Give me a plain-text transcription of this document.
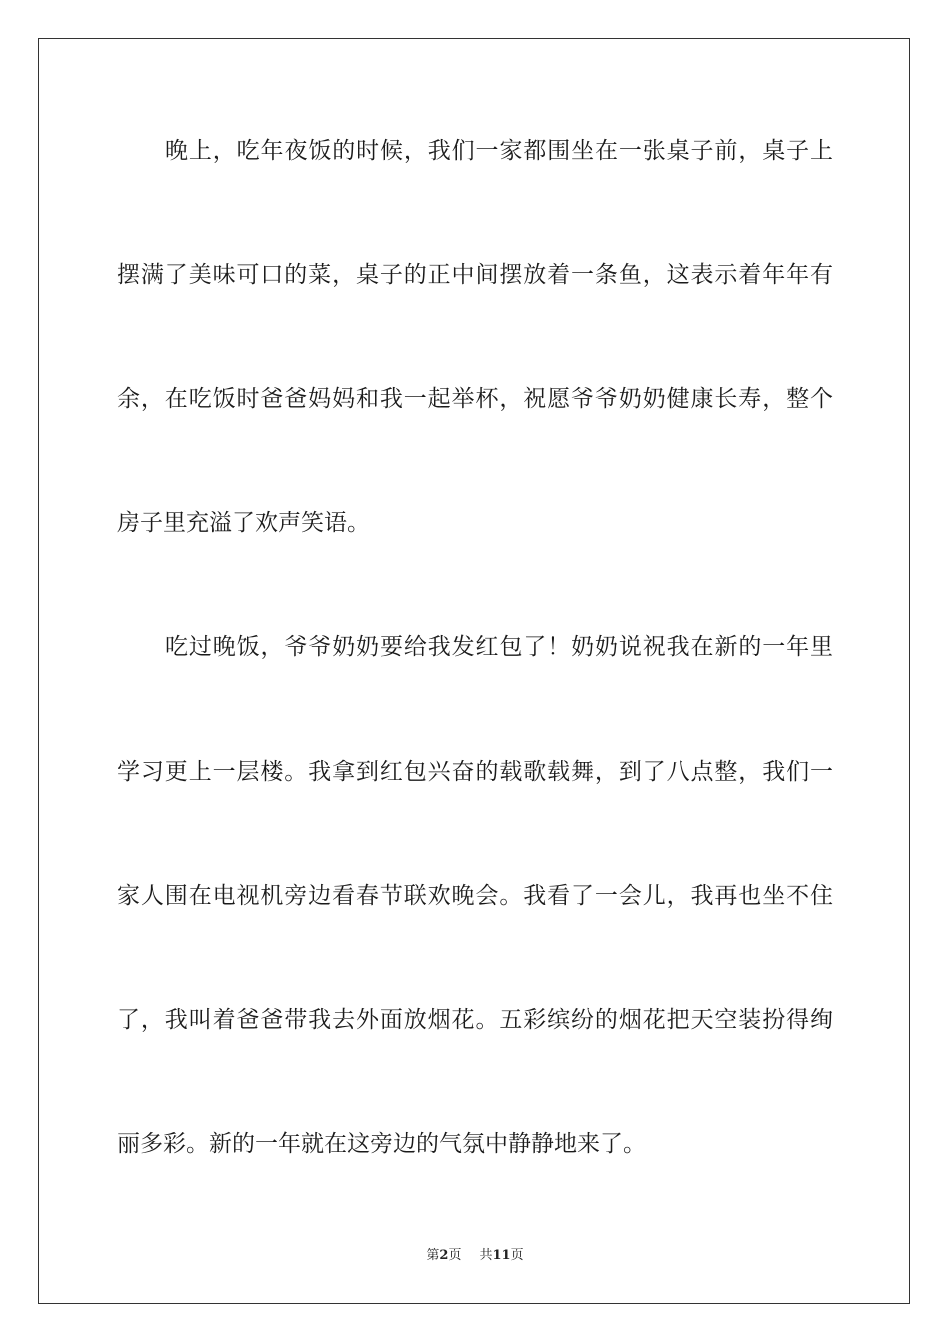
晚上，吃年夜饭的时候，我们一家都围坐在一张桌子前，桌子上
摆满了美味可口的菜，桌子的正中间摆放着一条鱼，这表示着年年有
余，在吃饭时爸爸妈妈和我一起举杯，祝愿爷爷奶奶健康长寿，整个
房子里充溢了欢声笑语。
吃过晚饭，爷爷奶奶要给我发红包了！奶奶说祝我在新的一年里
学习更上一层楼。我拿到红包兴奋的载歌载舞，到了八点整，我们一
家人围在电视机旁边看春节联欢晚会。我看了一会儿，我再也坐不住
了，我叫着爸爸带我去外面放烟花。五彩缤纷的烟花把天空装扮得绚
丽多彩。新的一年就在这旁边的气氛中静静地来了。
第2页 共11页
